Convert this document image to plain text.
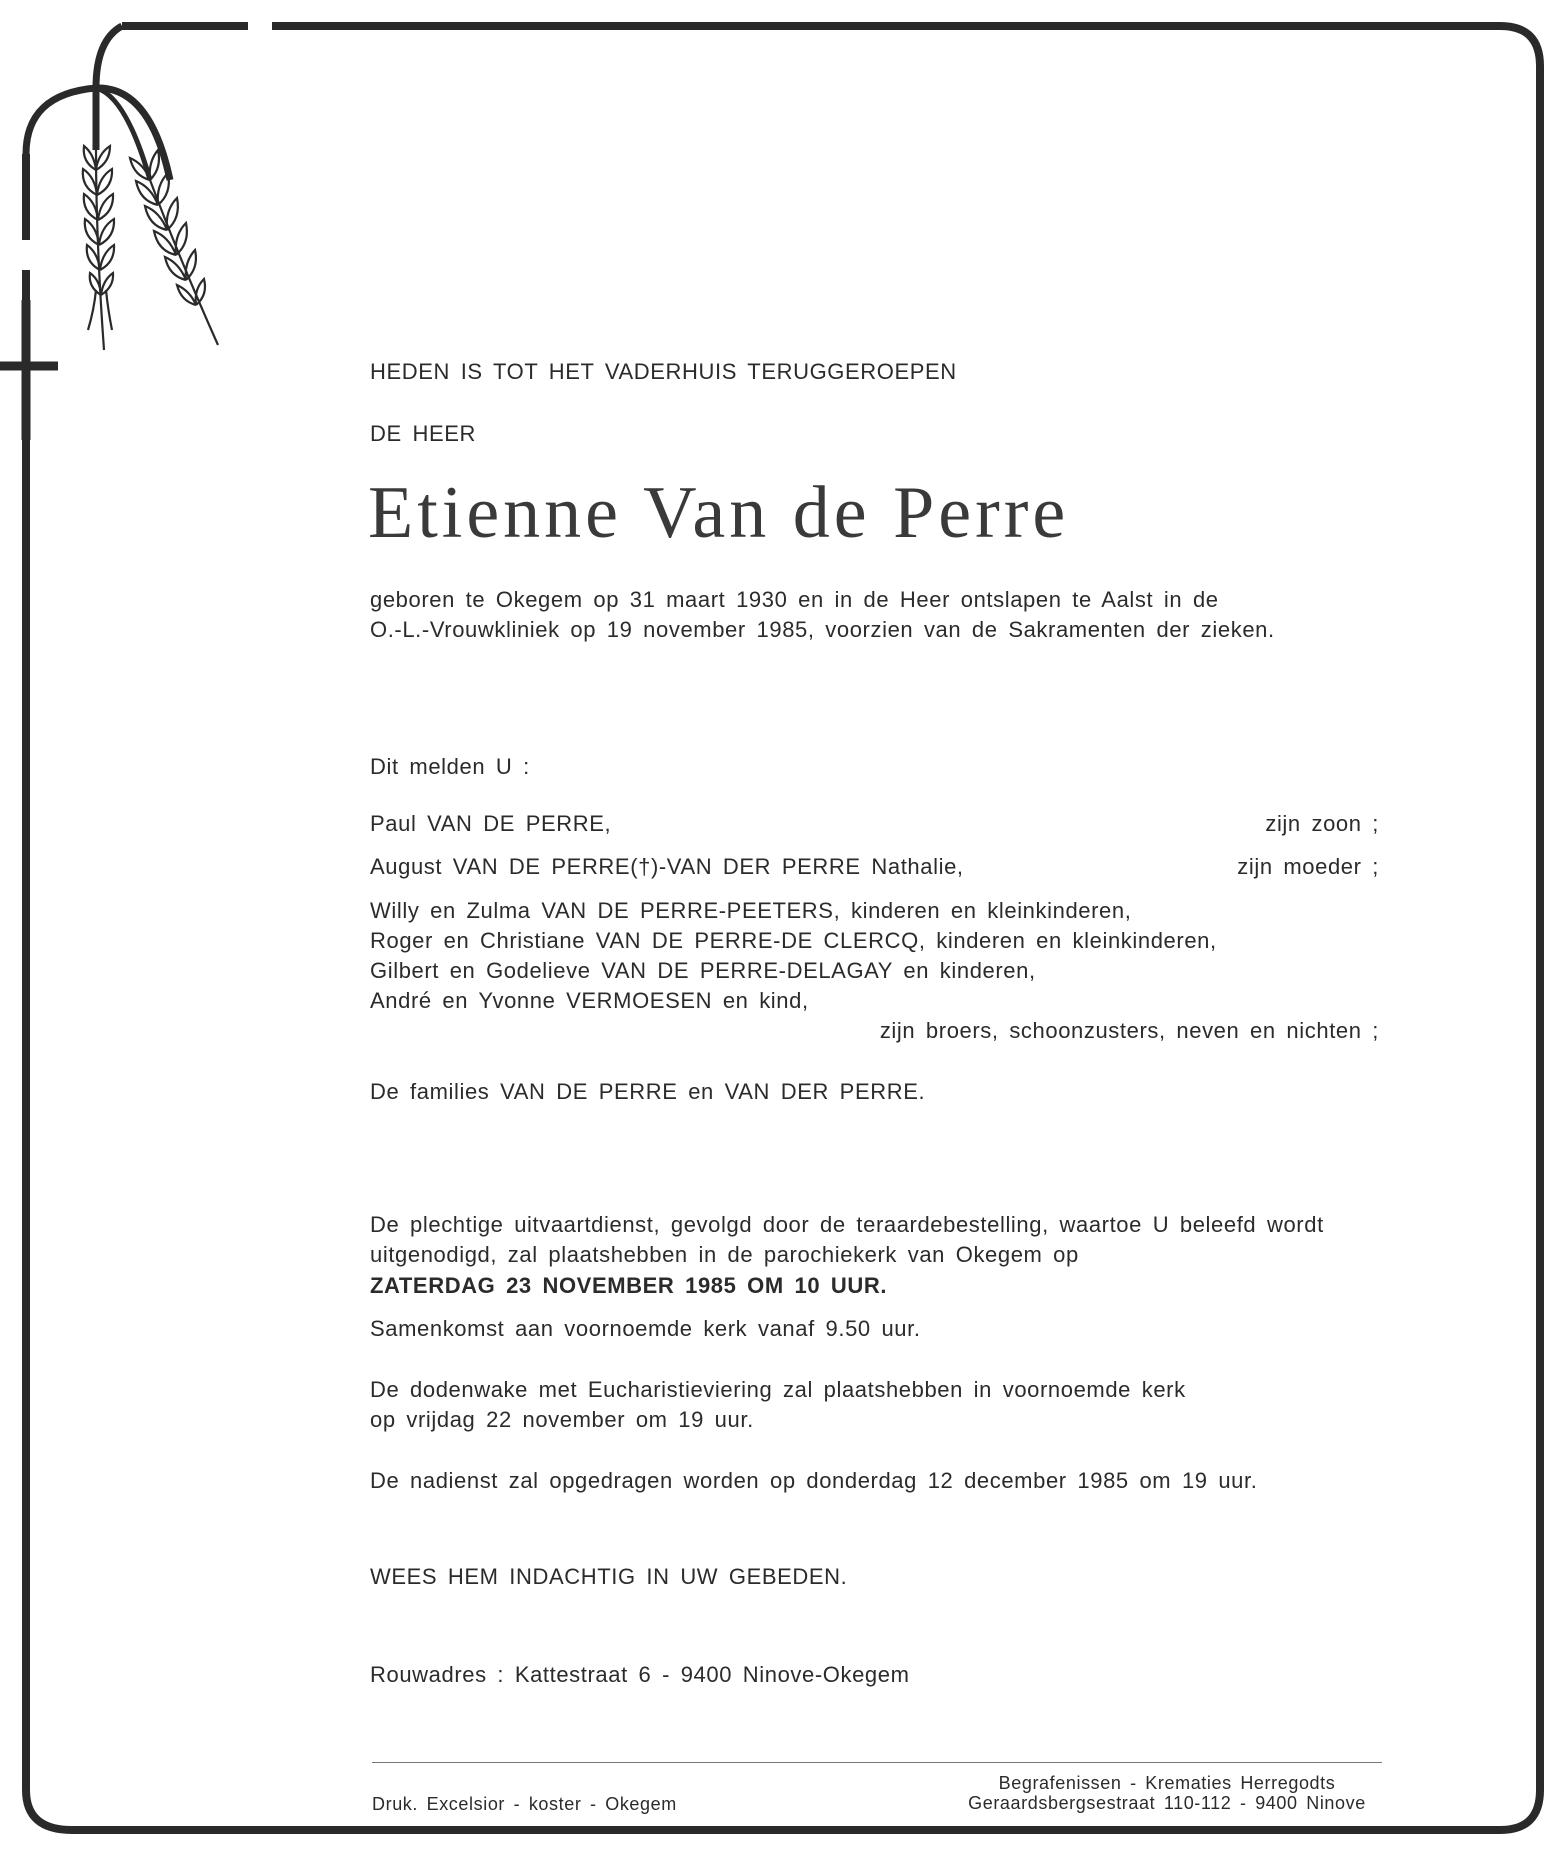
HEDEN IS TOT HET VADERHUIS TERUGGEROEPEN
DE HEER
Etienne Van de Perre
geboren te Okegem op 31 maart 1930 en in de Heer ontslapen te Aalst in de
O.-L.-Vrouwkliniek op 19 november 1985, voorzien van de Sakramenten der zieken.
Dit melden U :
Paul VAN DE PERRE,	zijn zoon ;
August VAN DE PERRE(†)-VAN DER PERRE Nathalie,	zijn moeder ;
Willy en Zulma VAN DE PERRE-PEETERS, kinderen en kleinkinderen,
Roger en Christiane VAN DE PERRE-DE CLERCQ, kinderen en kleinkinderen,
Gilbert en Godelieve VAN DE PERRE-DELAGAY en kinderen,
André en Yvonne VERMOESEN en kind,
zijn broers, schoonzusters, neven en nichten ;
De families VAN DE PERRE en VAN DER PERRE.
De plechtige uitvaartdienst, gevolgd door de teraardebestelling, waartoe U beleefd wordt
uitgenodigd, zal plaatshebben in de parochiekerk van Okegem op
ZATERDAG 23 NOVEMBER 1985 OM 10 UUR.
Samenkomst aan voornoemde kerk vanaf 9.50 uur.
De dodenwake met Eucharistieviering zal plaatshebben in voornoemde kerk
op vrijdag 22 november om 19 uur.
De nadienst zal opgedragen worden op donderdag 12 december 1985 om 19 uur.
WEES HEM INDACHTIG IN UW GEBEDEN.
Rouwadres : Kattestraat 6 - 9400 Ninove-Okegem
Druk. Excelsior - koster - Okegem
Begrafenissen - Krematies Herregodts
Geraardsbergsestraat 110-112 - 9400 Ninove
